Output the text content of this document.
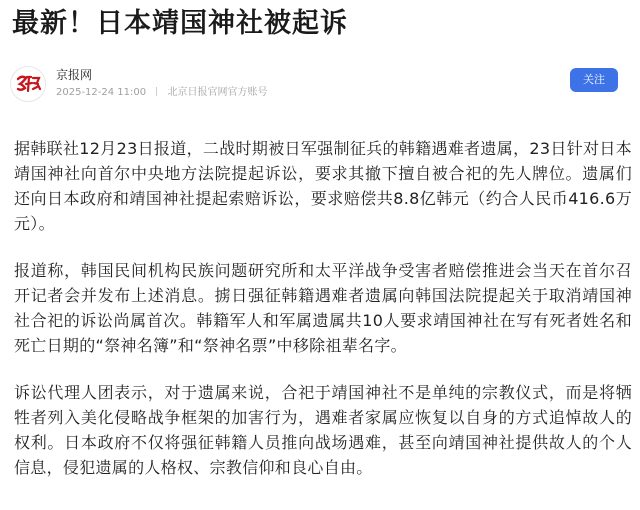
最新！日本靖国神社被起诉
京报网
2025-12-24 11:00 北京日报官网官方账号
关注

据韩联社12月23日报道，二战时期被日军强制征兵的韩籍遇难者遗属，23日针对日本靖国神社向首尔中央地方法院提起诉讼，要求其撤下擅自被合祀的先人牌位。遗属们还向日本政府和靖国神社提起索赔诉讼，要求赔偿共8.8亿韩元（约合人民币416.6万元）。

报道称，韩国民间机构民族问题研究所和太平洋战争受害者赔偿推进会当天在首尔召开记者会并发布上述消息。掳日强征韩籍遇难者遗属向韩国法院提起关于取消靖国神社合祀的诉讼尚属首次。韩籍军人和军属遗属共10人要求靖国神社在写有死者姓名和死亡日期的“祭神名簿”和“祭神名票”中移除祖辈名字。

诉讼代理人团表示，对于遗属来说，合祀于靖国神社不是单纯的宗教仪式，而是将牺牲者列入美化侵略战争框架的加害行为，遇难者家属应恢复以自身的方式追悼故人的权利。日本政府不仅将强征韩籍人员推向战场遇难，甚至向靖国神社提供故人的个人信息，侵犯遗属的人格权、宗教信仰和良心自由。
